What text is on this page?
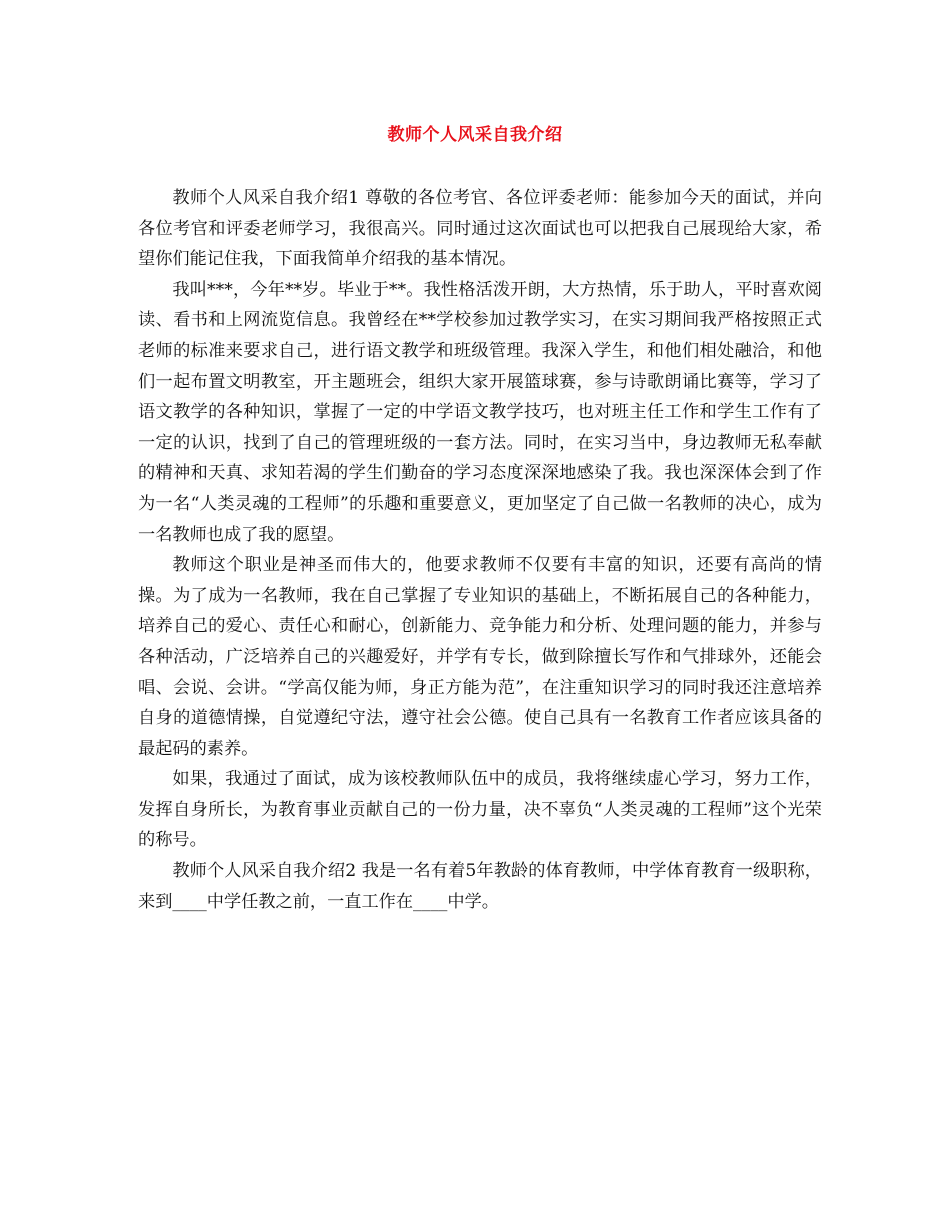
教师个人风采自我介绍

教师个人风采自我介绍1 尊敬的各位考官、各位评委老师：能参加今天的面试，并向各位考官和评委老师学习，我很高兴。同时通过这次面试也可以把我自己展现给大家，希望你们能记住我，下面我简单介绍我的基本情况。

我叫***，今年**岁。毕业于**。我性格活泼开朗，大方热情，乐于助人，平时喜欢阅读、看书和上网流览信息。我曾经在**学校参加过教学实习，在实习期间我严格按照正式老师的标准来要求自己，进行语文教学和班级管理。我深入学生，和他们相处融洽，和他们一起布置文明教室，开主题班会，组织大家开展篮球赛，参与诗歌朗诵比赛等，学习了语文教学的各种知识，掌握了一定的中学语文教学技巧，也对班主任工作和学生工作有了一定的认识，找到了自己的管理班级的一套方法。同时，在实习当中，身边教师无私奉献的精神和天真、求知若渴的学生们勤奋的学习态度深深地感染了我。我也深深体会到了作为一名“人类灵魂的工程师”的乐趣和重要意义，更加坚定了自己做一名教师的决心，成为一名教师也成了我的愿望。

教师这个职业是神圣而伟大的，他要求教师不仅要有丰富的知识，还要有高尚的情操。为了成为一名教师，我在自己掌握了专业知识的基础上，不断拓展自己的各种能力，培养自己的爱心、责任心和耐心，创新能力、竞争能力和分析、处理问题的能力，并参与各种活动，广泛培养自己的兴趣爱好，并学有专长，做到除擅长写作和气排球外，还能会唱、会说、会讲。“学高仅能为师，身正方能为范”，在注重知识学习的同时我还注意培养自身的道德情操，自觉遵纪守法，遵守社会公德。使自己具有一名教育工作者应该具备的最起码的素养。

如果，我通过了面试，成为该校教师队伍中的成员，我将继续虚心学习，努力工作，发挥自身所长，为教育事业贡献自己的一份力量，决不辜负“人类灵魂的工程师”这个光荣的称号。

教师个人风采自我介绍2 我是一名有着5年教龄的体育教师，中学体育教育一级职称，来到____中学任教之前，一直工作在____中学。
